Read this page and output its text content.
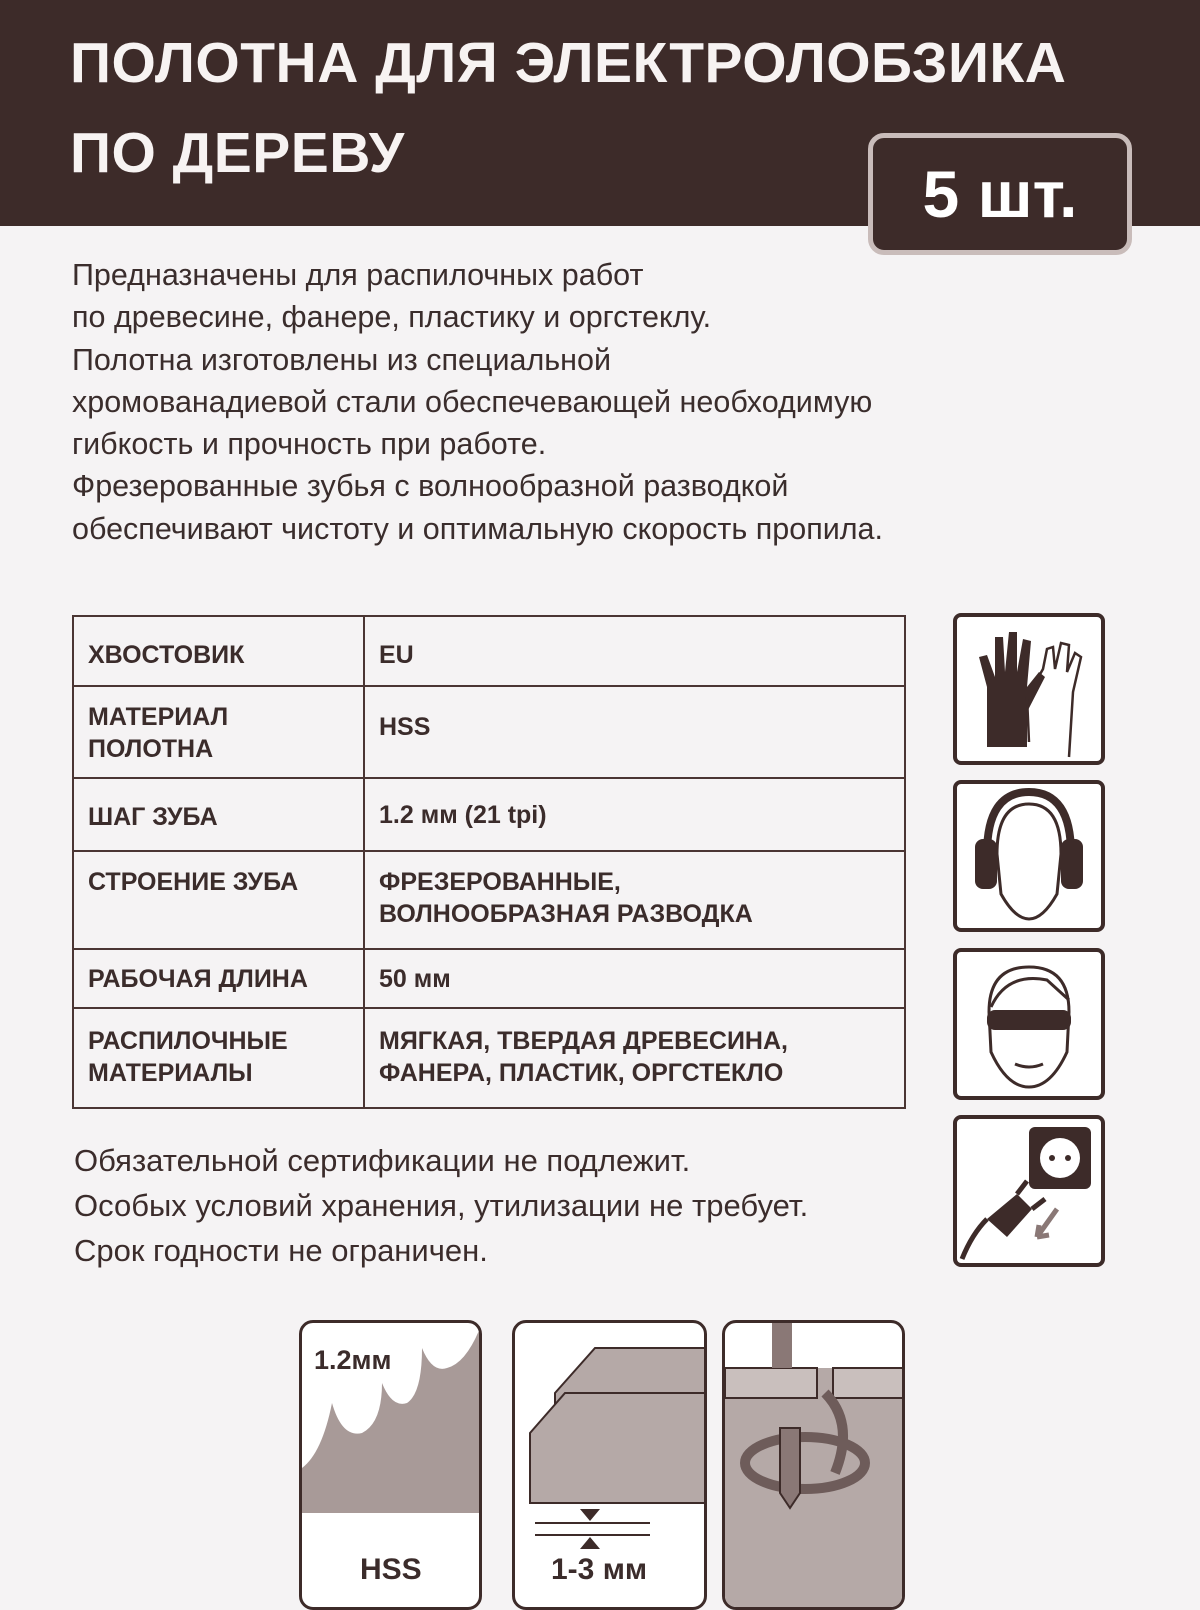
ПОЛОТНА ДЛЯ ЭЛЕКТРОЛОБЗИКА
ПО ДЕРЕВУ
5 шт.
Предназначены для распилочных работ
по древесине, фанере, пластику и оргстеклу.
Полотна изготовлены из специальной
хромованадиевой стали обеспечевающей необходимую
гибкость и прочность при работе.
Фрезерованные зубья с волнообразной разводкой
обеспечивают чистоту и оптимальную скорость пропила.
ХВОСТОВИК	EU
МАТЕРИАЛ ПОЛОТНА	HSS
ШАГ ЗУБА	1.2 мм (21 tpi)
СТРОЕНИЕ ЗУБА	ФРЕЗЕРОВАННЫЕ, ВОЛНООБРАЗНАЯ РАЗВОДКА
РАБОЧАЯ ДЛИНА	50 мм
РАСПИЛОЧНЫЕ МАТЕРИАЛЫ	МЯГКАЯ, ТВЕРДАЯ ДРЕВЕСИНА, ФАНЕРА, ПЛАСТИК, ОРГСТЕКЛО
Обязательной сертификации не подлежит.
Особых условий хранения, утилизации не требует.
Срок годности не ограничен.
1.2мм
HSS	1-3 мм
